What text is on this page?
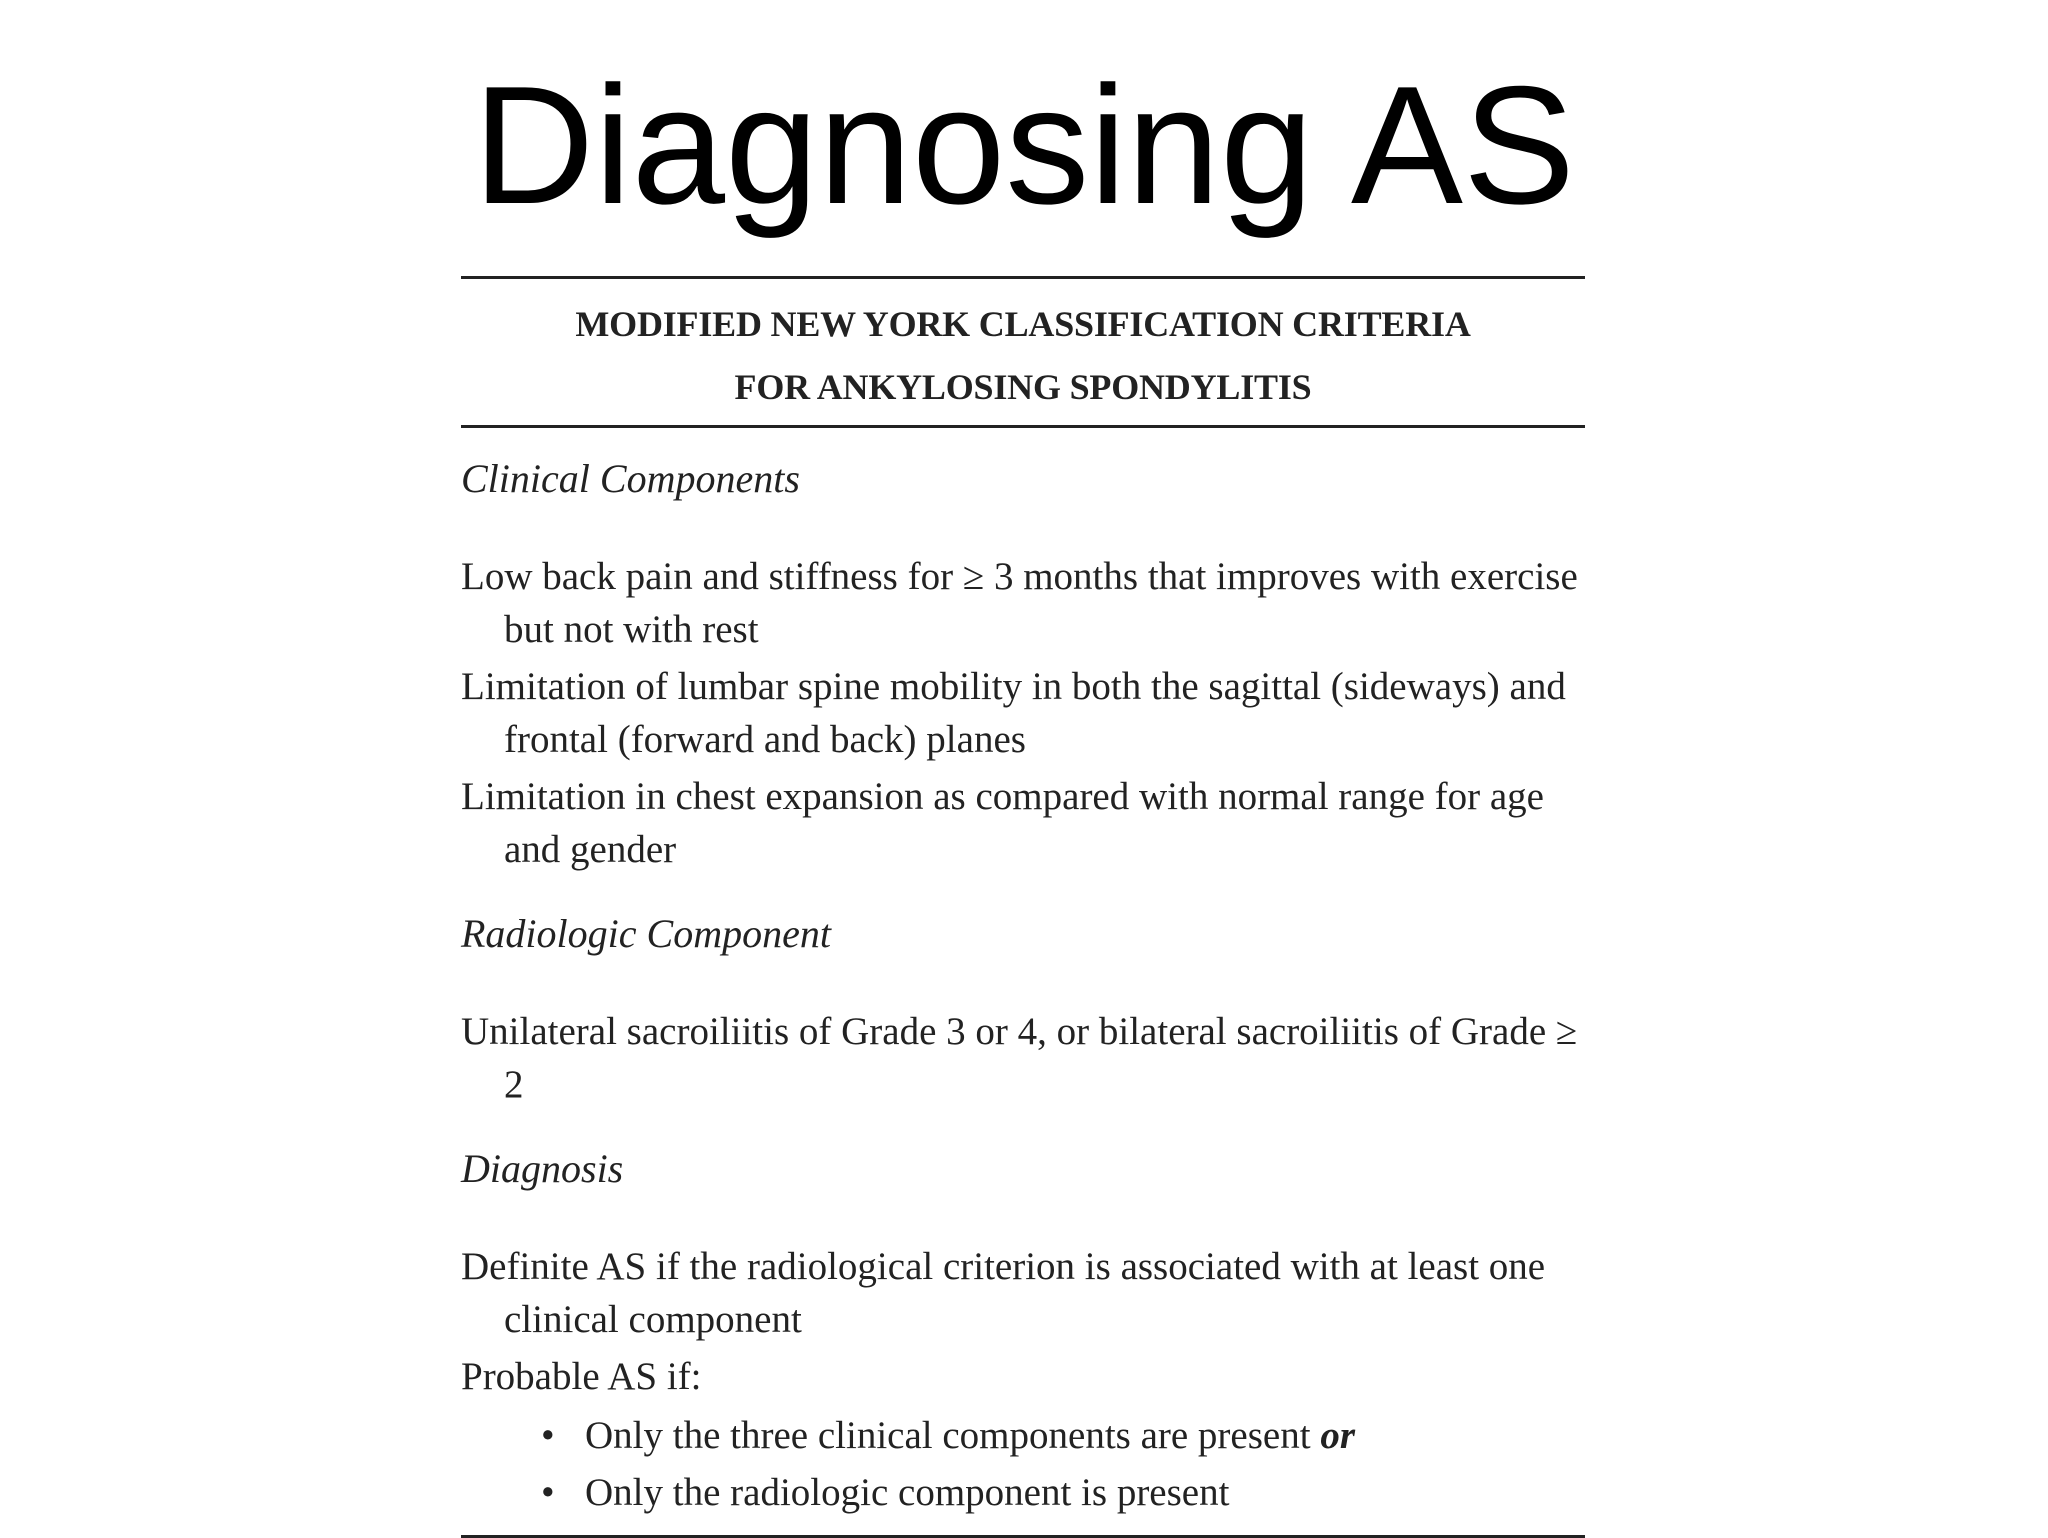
Diagnosing AS
MODIFIED NEW YORK CLASSIFICATION CRITERIA
FOR ANKYLOSING SPONDYLITIS

Clinical Components

Low back pain and stiffness for ≥ 3 months that improves with exercise but not with rest

Limitation of lumbar spine mobility in both the sagittal (sideways) and frontal (forward and back) planes

Limitation in chest expansion as compared with normal range for age and gender

Radiologic Component

Unilateral sacroiliitis of Grade 3 or 4, or bilateral sacroiliitis of Grade ≥ 2

Diagnosis

Definite AS if the radiological criterion is associated with at least one clinical component

Probable AS if:

• Only the three clinical components are present or
• Only the radiologic component is present
